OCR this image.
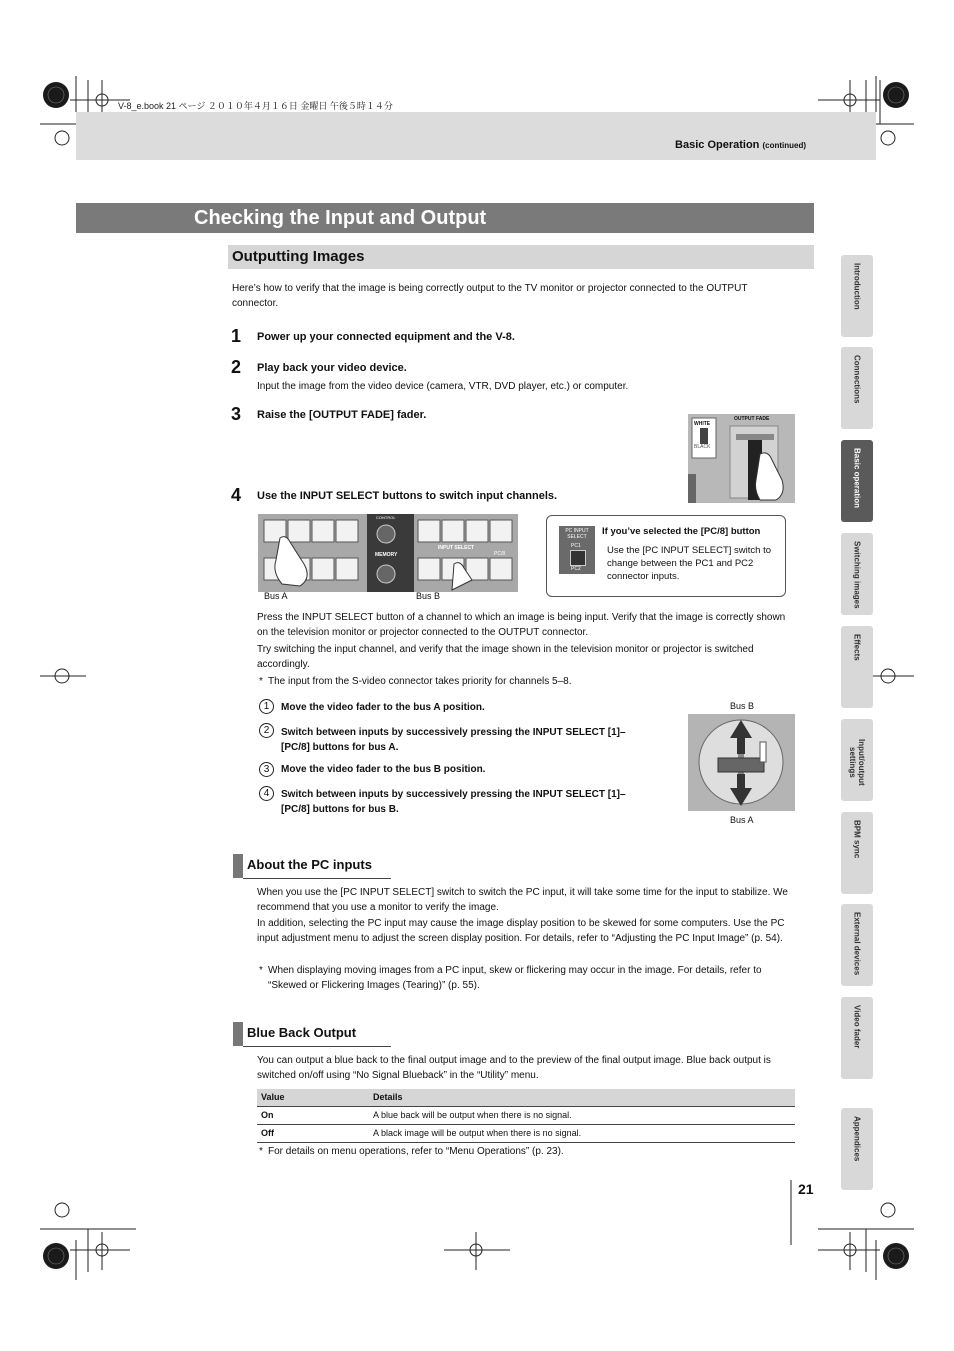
V-8_e.book 21 ページ ２０１０年４月１６日 金曜日 午後５時１４分
Basic Operation (continued)
Checking the Input and Output
Outputting Images
Here’s how to verify that the image is being correctly output to the TV monitor or projector connected to the OUTPUT connector.
1 Power up your connected equipment and the V-8.
2 Play back your video device.
Input the image from the video device (camera, VTR, DVD player, etc.) or computer.
3 Raise the [OUTPUT FADE] fader.
4 Use the INPUT SELECT buttons to switch input channels.
WHITE
BLACK
OUTPUT FADE
CONTROL
MEMORY
INPUT SELECT
PC/8
Bus A	Bus B
PC INPUT SELECT
PC1
PC2
If you’ve selected the [PC/8] button
Use the [PC INPUT SELECT] switch to change between the PC1 and PC2 connector inputs.
Press the INPUT SELECT button of a channel to which an image is being input. Verify that the image is correctly shown on the television monitor or projector connected to the OUTPUT connector.
Try switching the input channel, and verify that the image shown in the television monitor or projector is switched accordingly.
* The input from the S-video connector takes priority for channels 5–8.
1	Move the video fader to the bus A position.
2	Switch between inputs by successively pressing the INPUT SELECT [1]–[PC/8] buttons for bus A.
3	Move the video fader to the bus B position.
4	Switch between inputs by successively pressing the INPUT SELECT [1]–[PC/8] buttons for bus B.
Bus B
Bus A
About the PC inputs
When you use the [PC INPUT SELECT] switch to switch the PC input, it will take some time for the input to stabilize. We recommend that you use a monitor to verify the image.
In addition, selecting the PC input may cause the image display position to be skewed for some computers. Use the PC input adjustment menu to adjust the screen display position. For details, refer to “Adjusting the PC Input Image” (p. 54).
* When displaying moving images from a PC input, skew or flickering may occur in the image. For details, refer to “Skewed or Flickering Images (Tearing)” (p. 55).
Blue Back Output
You can output a blue back to the final output image and to the preview of the final output image. Blue back output is switched on/off using “No Signal Blueback” in the “Utility” menu.
Value	Details
On	A blue back will be output when there is no signal.
Off	A black image will be output when there is no signal.
* For details on menu operations, refer to “Menu Operations” (p. 23).
Introduction
Connections
Basic operation
Switching images
Effects
Input/output settings
BPM sync
External devices
Video fader
Appendices
21
